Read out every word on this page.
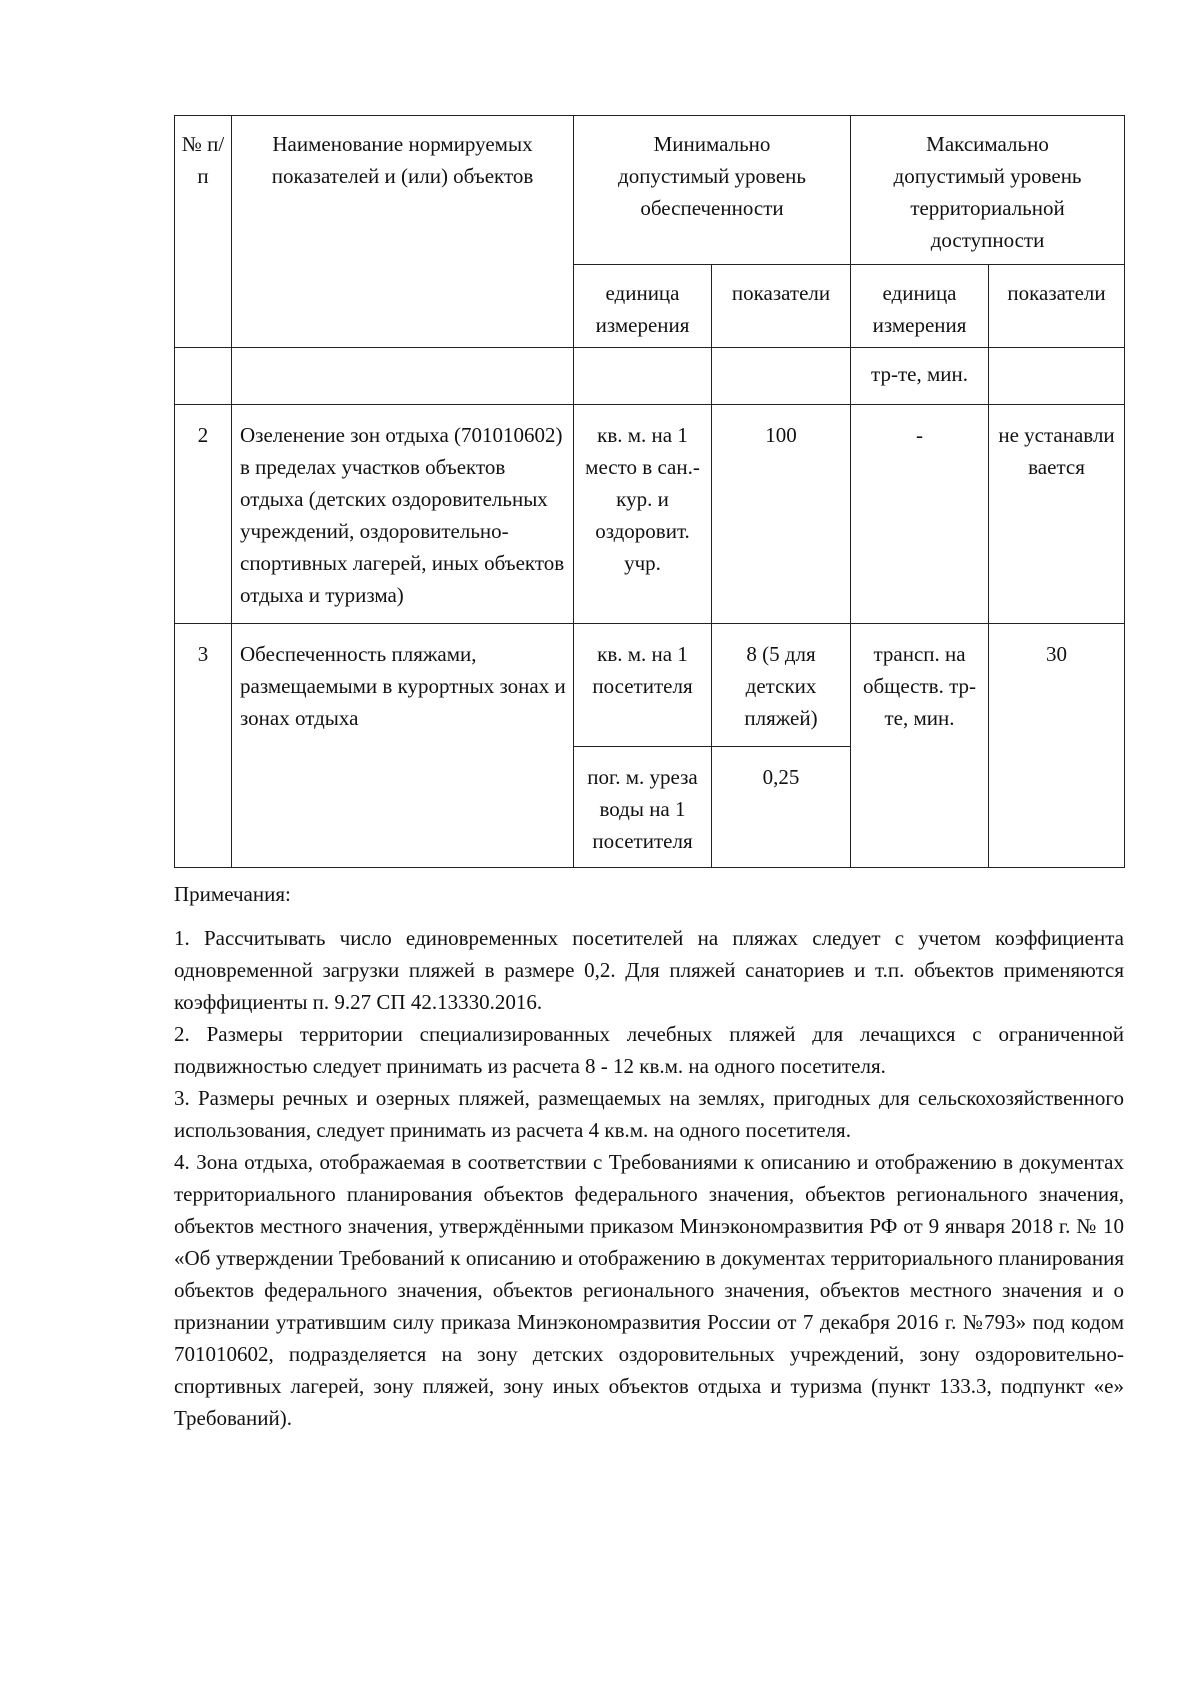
№ п/п	Наименование нормируемых показателей и (или) объектов	Минимально допустимый уровень обеспеченности		Максимально допустимый уровень территориальной доступности	
		единица измерения	показатели	единица измерения	показатели
				тр-те, мин.	
2	Озеленение зон отдыха (701010602) в пределах участков объектов отдыха (детских оздоровительных учреждений, оздоровительно-спортивных лагерей, иных объектов отдыха и туризма)	кв. м. на 1 место в сан.-кур. и оздоровит. учр.	100	-	не устанавливается
3	Обеспеченность пляжами, размещаемыми в курортных зонах и зонах отдыха	кв. м. на 1 посетителя	8 (5 для детских пляжей)	трансп. на обществ. тр-те, мин.	30
		пог. м. уреза воды на 1 посетителя	0,25		

Примечания:

1. Рассчитывать число единовременных посетителей на пляжах следует с учетом коэффициента одновременной загрузки пляжей в размере 0,2. Для пляжей санаториев и т.п. объектов применяются коэффициенты п. 9.27 СП 42.13330.2016.

2. Размеры территории специализированных лечебных пляжей для лечащихся с ограниченной подвижностью следует принимать из расчета 8 - 12 кв.м. на одного посетителя.

3. Размеры речных и озерных пляжей, размещаемых на землях, пригодных для сельскохозяйственного использования, следует принимать из расчета 4 кв.м. на одного посетителя.

4. Зона отдыха, отображаемая в соответствии с Требованиями к описанию и отображению в документах территориального планирования объектов федерального значения, объектов регионального значения, объектов местного значения, утверждёнными приказом Минэкономразвития РФ от 9 января 2018 г. № 10 «Об утверждении Требований к описанию и отображению в документах территориального планирования объектов федерального значения, объектов регионального значения, объектов местного значения и о признании утратившим силу приказа Минэкономразвития России от 7 декабря 2016 г. №793» под кодом 701010602, подразделяется на зону детских оздоровительных учреждений, зону оздоровительно-спортивных лагерей, зону пляжей, зону иных объектов отдыха и туризма (пункт 133.3, подпункт «е» Требований).
